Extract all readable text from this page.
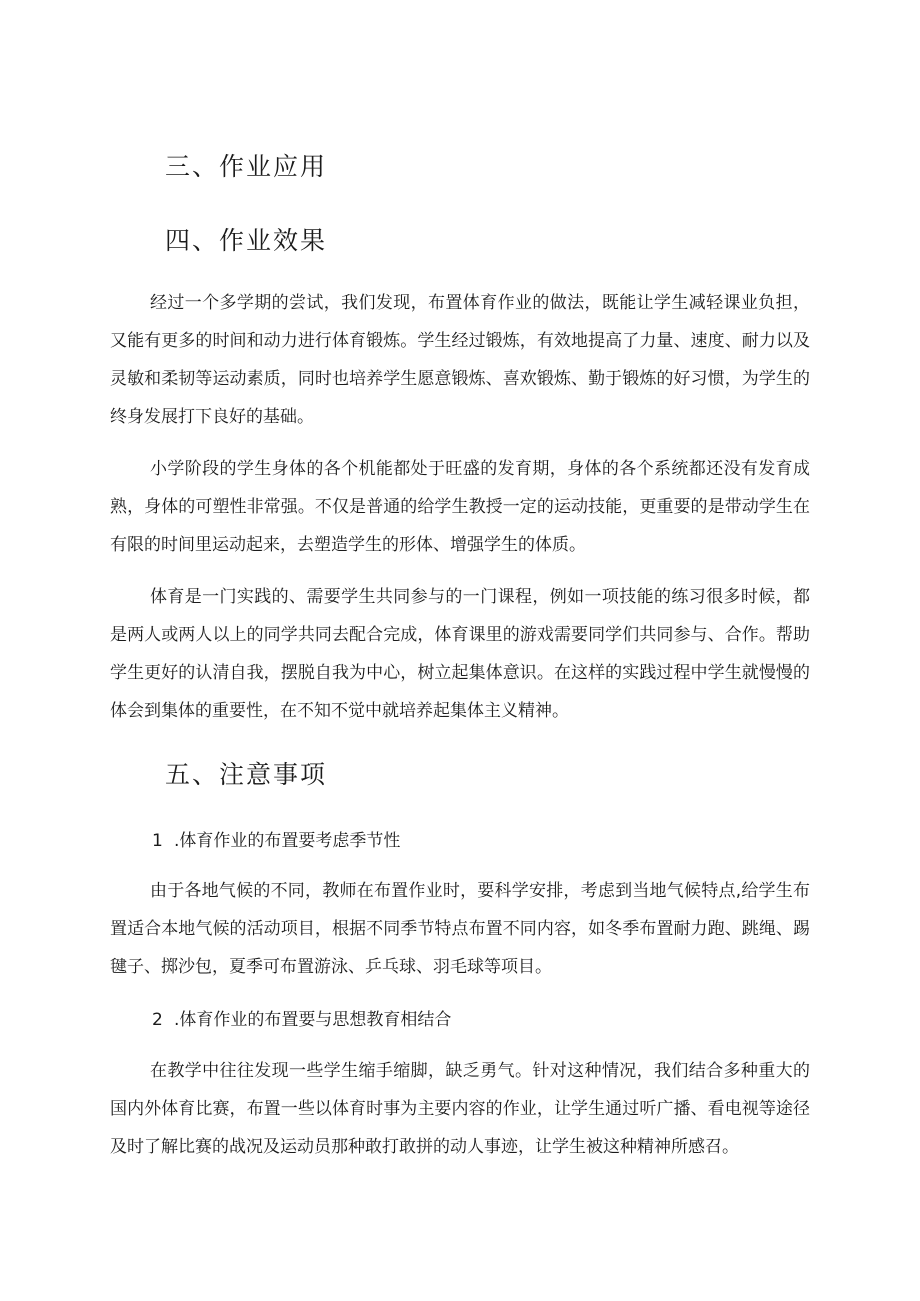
三、作业应用
四、作业效果

经过一个多学期的尝试，我们发现，布置体育作业的做法，既能让学生减轻课业负担，又能有更多的时间和动力进行体育锻炼。学生经过锻炼，有效地提高了力量、速度、耐力以及灵敏和柔韧等运动素质，同时也培养学生愿意锻炼、喜欢锻炼、勤于锻炼的好习惯，为学生的终身发展打下良好的基础。

小学阶段的学生身体的各个机能都处于旺盛的发育期，身体的各个系统都还没有发育成熟，身体的可塑性非常强。不仅是普通的给学生教授一定的运动技能，更重要的是带动学生在有限的时间里运动起来，去塑造学生的形体、增强学生的体质。

体育是一门实践的、需要学生共同参与的一门课程，例如一项技能的练习很多时候，都是两人或两人以上的同学共同去配合完成，体育课里的游戏需要同学们共同参与、合作。帮助学生更好的认清自我，摆脱自我为中心，树立起集体意识。在这样的实践过程中学生就慢慢的体会到集体的重要性，在不知不觉中就培养起集体主义精神。

五、注意事项
1 .体育作业的布置要考虑季节性

由于各地气候的不同，教师在布置作业时，要科学安排，考虑到当地气候特点,给学生布置适合本地气候的活动项目，根据不同季节特点布置不同内容，如冬季布置耐力跑、跳绳、踢毽子、掷沙包，夏季可布置游泳、乒乓球、羽毛球等项目。

2 .体育作业的布置要与思想教育相结合

在教学中往往发现一些学生缩手缩脚，缺乏勇气。针对这种情况，我们结合多种重大的国内外体育比赛，布置一些以体育时事为主要内容的作业，让学生通过听广播、看电视等途径及时了解比赛的战况及运动员那种敢打敢拼的动人事迹，让学生被这种精神所感召。
